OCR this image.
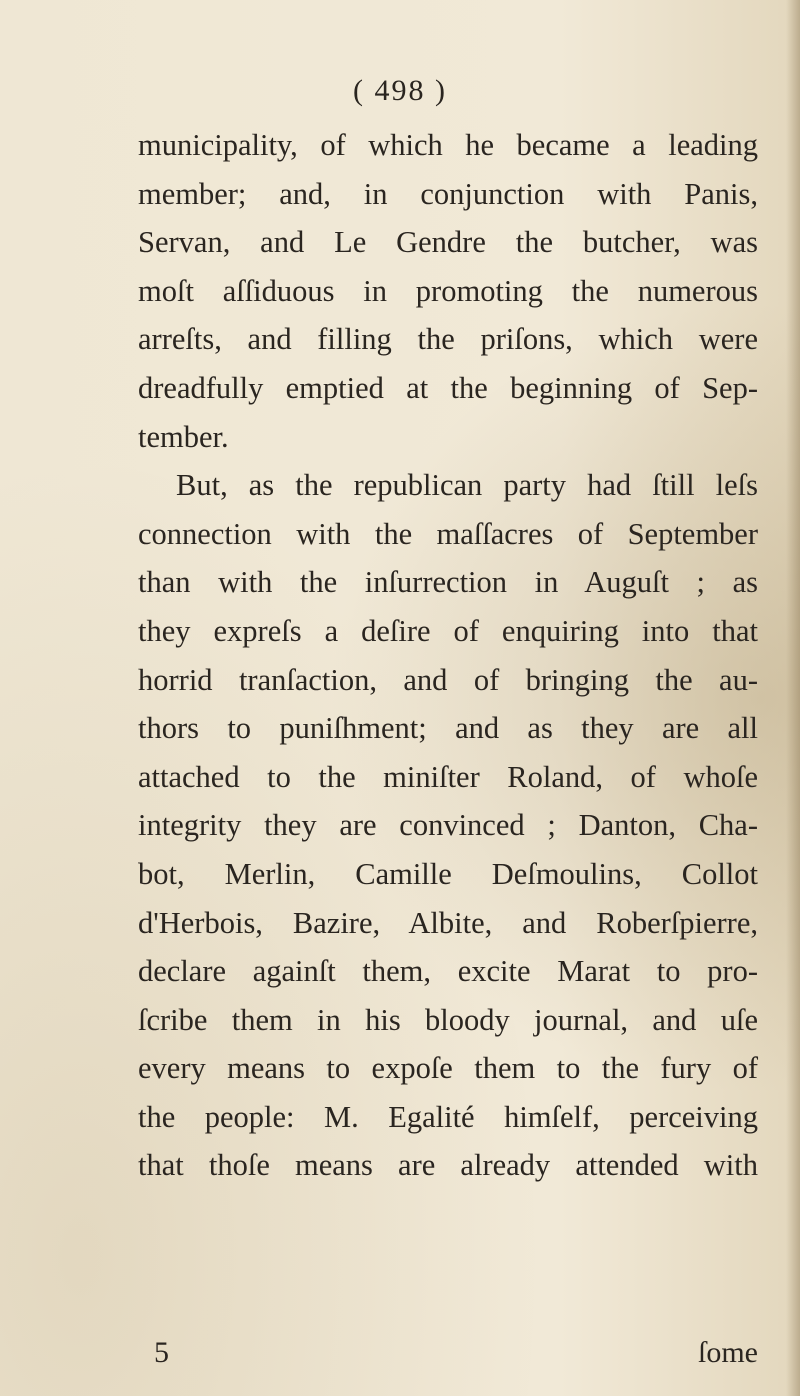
( 498 )
municipality, of which he became a leading
member; and, in conjunction with Panis,
Servan, and Le Gendre the butcher, was
moſt aſſiduous in promoting the numerous
arreſts, and filling the priſons, which were
dreadfully emptied at the beginning of Sep-
tember.
But, as the republican party had ſtill leſs
connection with the maſſacres of September
than with the inſurrection in Auguſt ; as
they expreſs a deſire of enquiring into that
horrid tranſaction, and of bringing the au-
thors to puniſhment; and as they are all
attached to the miniſter Roland, of whoſe
integrity they are convinced ; Danton, Cha-
bot, Merlin, Camille Deſmoulins, Collot
d'Herbois, Bazire, Albite, and Roberſpierre,
declare againſt them, excite Marat to pro-
ſcribe them in his bloody journal, and uſe
every means to expoſe them to the fury of
the people: M. Egalité himſelf, perceiving
that thoſe means are already attended with
5	ſome
